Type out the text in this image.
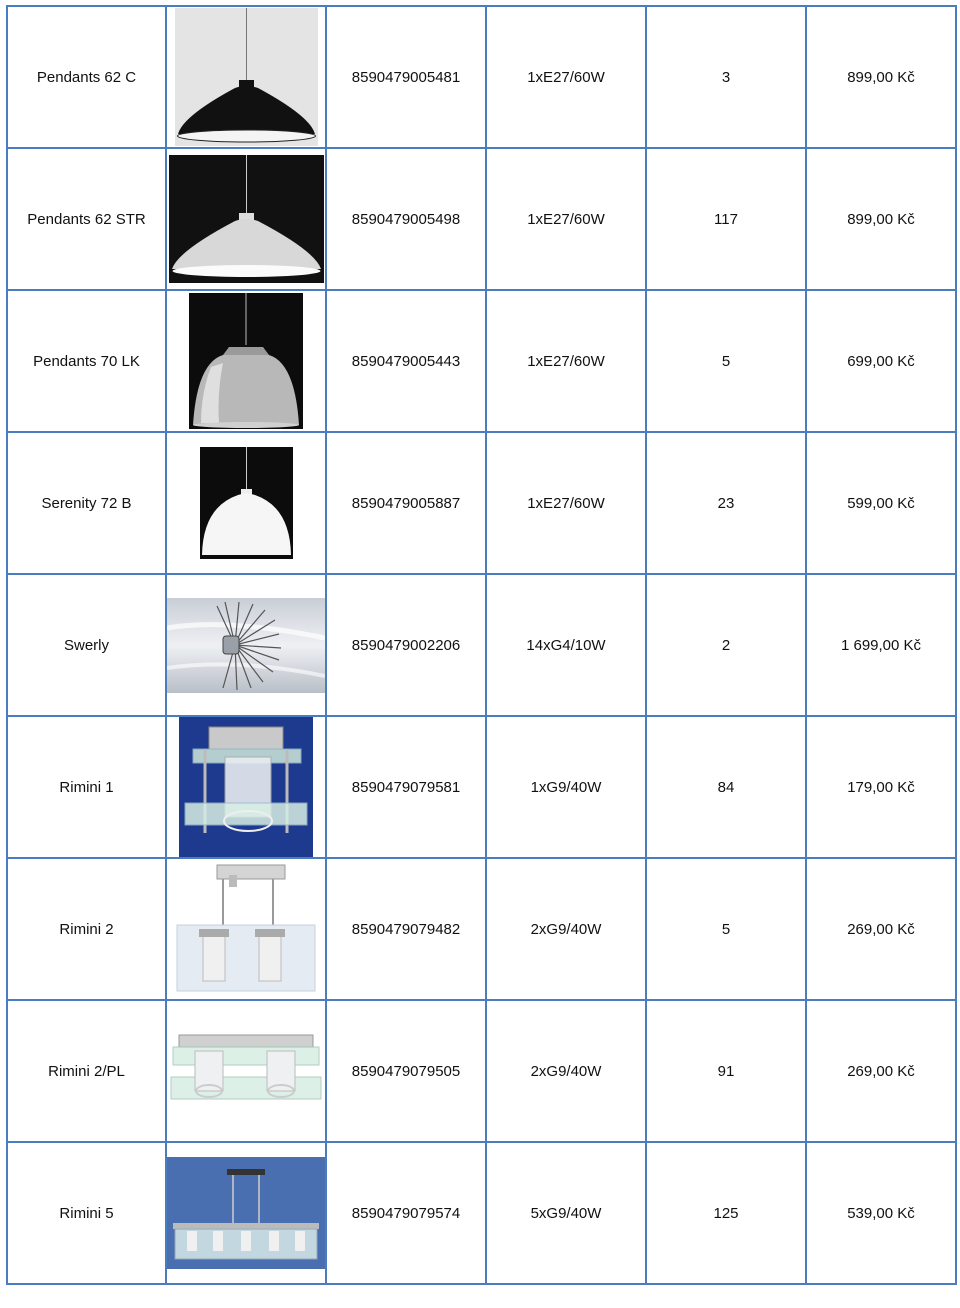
Pendants 62 C		8590479005481	1xE27/60W	3	899,00 Kč
Pendants 62 STR		8590479005498	1xE27/60W	117	899,00 Kč
Pendants 70 LK		8590479005443	1xE27/60W	5	699,00 Kč
Serenity 72 B		8590479005887	1xE27/60W	23	599,00 Kč
Swerly		8590479002206	14xG4/10W	2	1 699,00 Kč
Rimini 1		8590479079581	1xG9/40W	84	179,00 Kč
Rimini 2		8590479079482	2xG9/40W	5	269,00 Kč
Rimini 2/PL		8590479079505	2xG9/40W	91	269,00 Kč
Rimini 5		8590479079574	5xG9/40W	125	539,00 Kč
